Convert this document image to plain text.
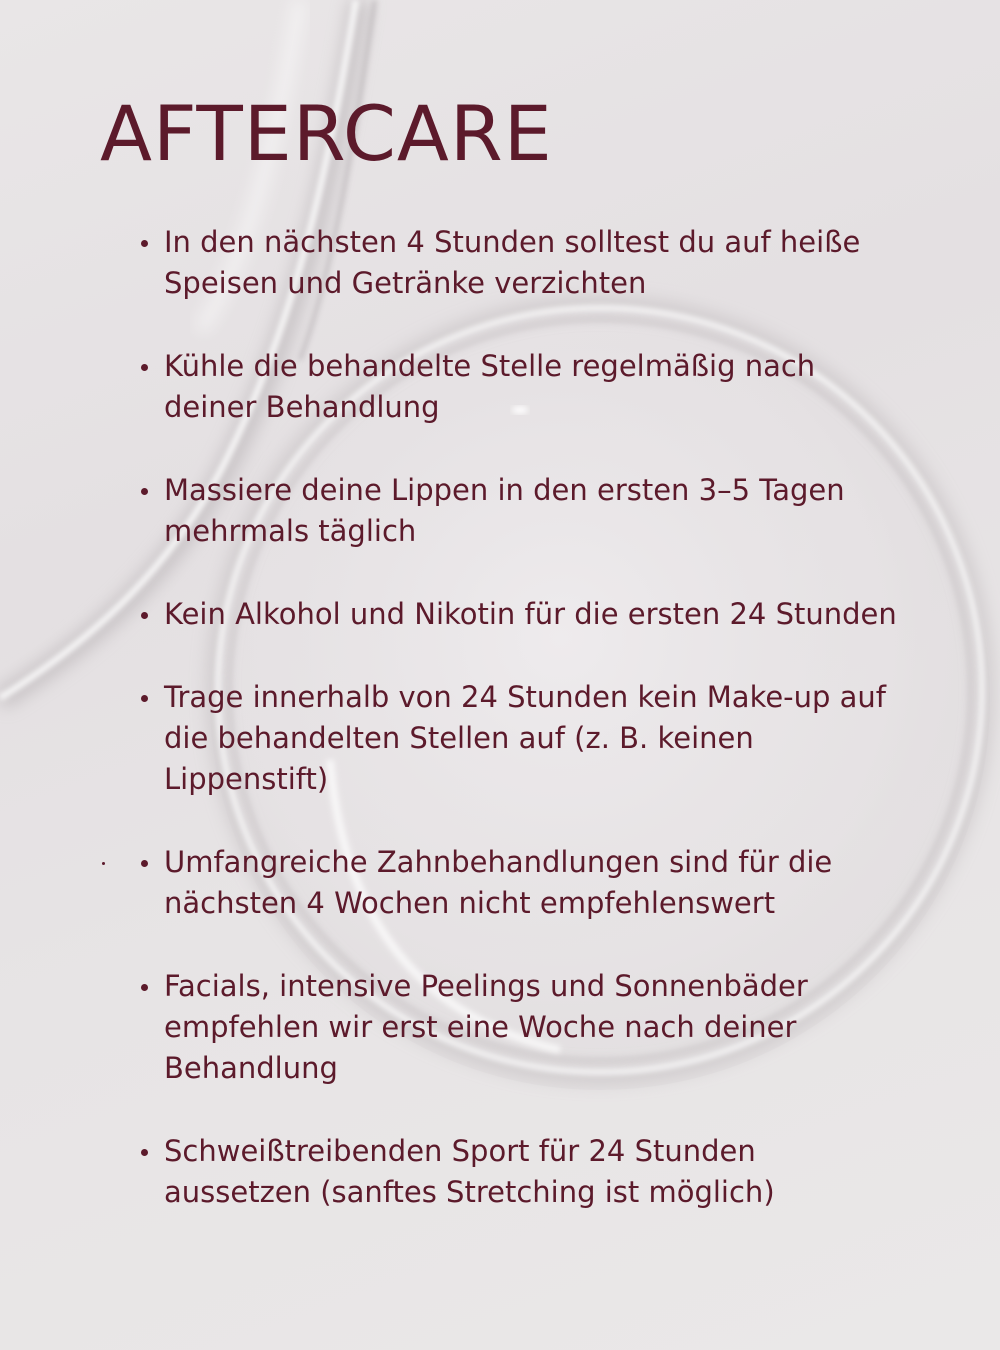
AFTERCARE
In den nächsten 4 Stunden solltest du auf heiße Speisen und Getränke verzichten
Kühle die behandelte Stelle regelmäßig nach deiner Behandlung
Massiere deine Lippen in den ersten 3–5 Tagen mehrmals täglich
Kein Alkohol und Nikotin für die ersten 24 Stunden
Trage innerhalb von 24 Stunden kein Make-up auf die behandelten Stellen auf (z. B. keinen Lippenstift)
Umfangreiche Zahnbehandlungen sind für die nächsten 4 Wochen nicht empfehlenswert
Facials, intensive Peelings und Sonnenbäder empfehlen wir erst eine Woche nach deiner Behandlung
Schweißtreibenden Sport für 24 Stunden aussetzen (sanftes Stretching ist möglich)
